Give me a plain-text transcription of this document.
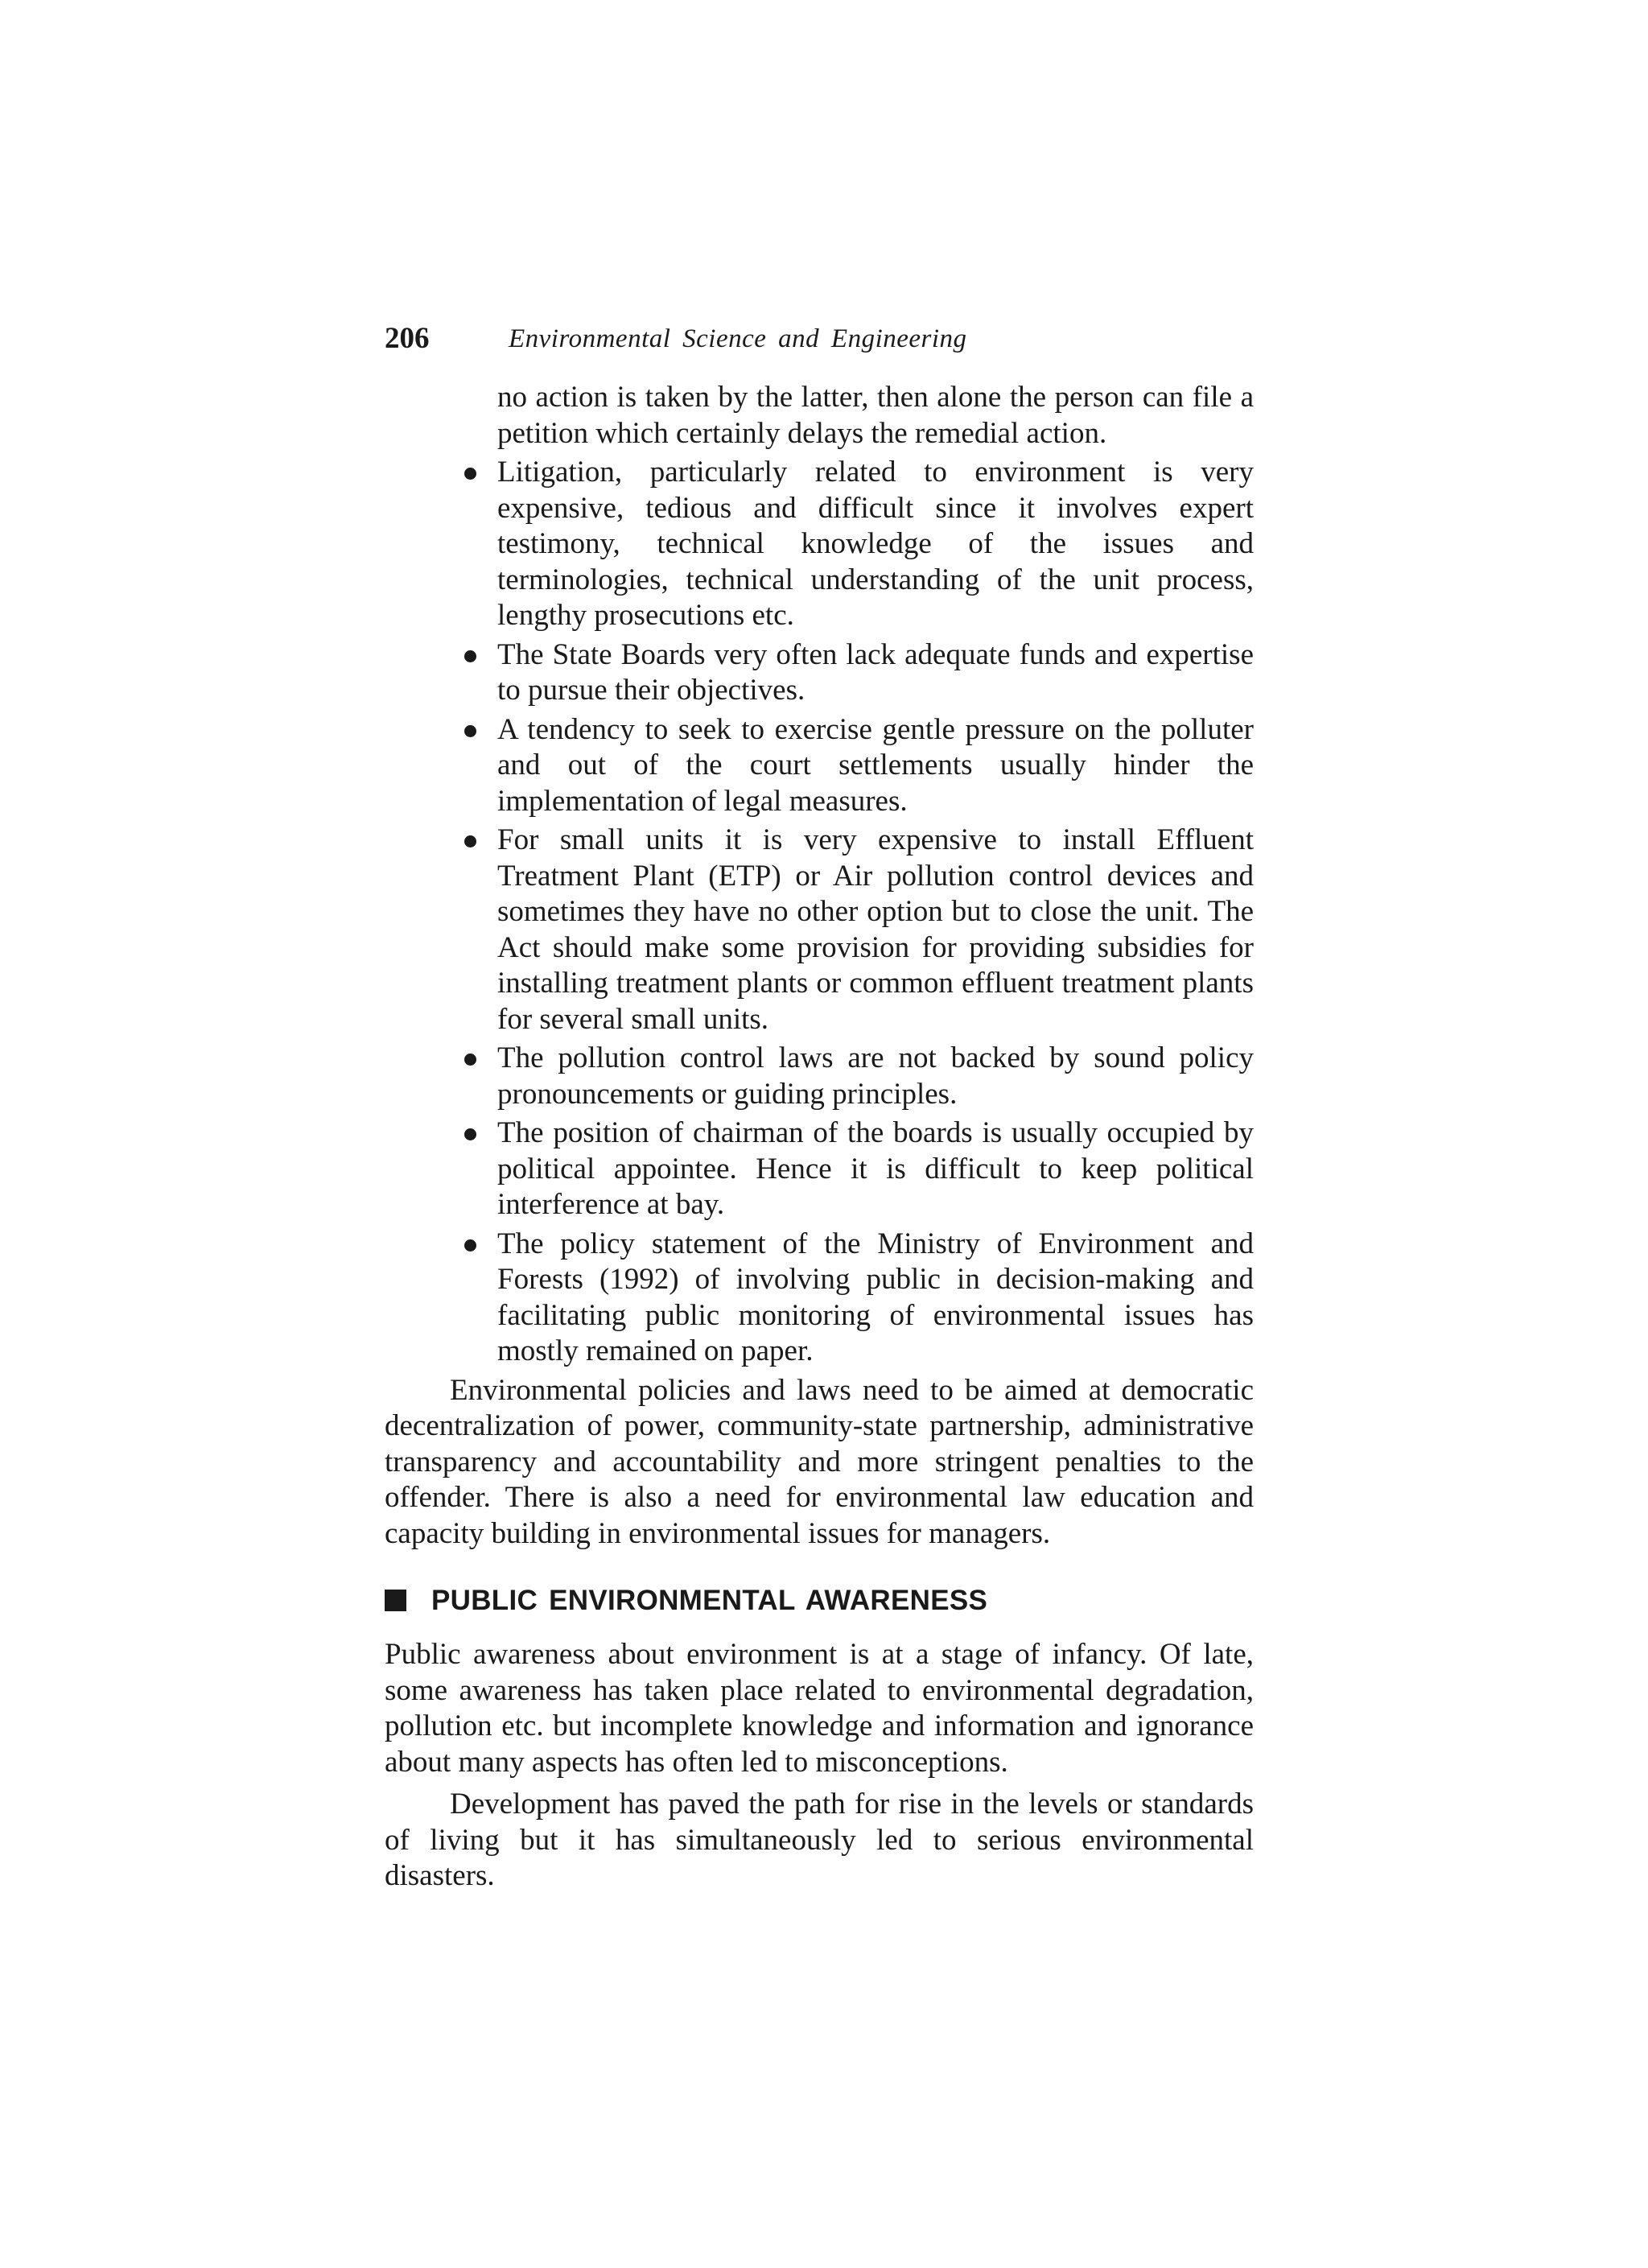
206	Environmental Science and Engineering

no action is taken by the latter, then alone the person can file a petition which certainly delays the remedial action.

Litigation, particularly related to environment is very expensive, tedious and difficult since it involves expert testimony, technical knowledge of the issues and terminologies, technical understanding of the unit process, lengthy prosecutions etc.
The State Boards very often lack adequate funds and expertise to pursue their objectives.
A tendency to seek to exercise gentle pressure on the polluter and out of the court settlements usually hinder the implementation of legal measures.
For small units it is very expensive to install Effluent Treatment Plant (ETP) or Air pollution control devices and sometimes they have no other option but to close the unit. The Act should make some provision for providing subsidies for installing treatment plants or common effluent treatment plants for several small units.
The pollution control laws are not backed by sound policy pronouncements or guiding principles.
The position of chairman of the boards is usually occupied by political appointee. Hence it is difficult to keep political interference at bay.
The policy statement of the Ministry of Environment and Forests (1992) of involving public in decision-making and facilitating public monitoring of environmental issues has mostly remained on paper.

Environmental policies and laws need to be aimed at democratic decentralization of power, community-state partnership, administrative transparency and accountability and more stringent penalties to the offender. There is also a need for environmental law education and capacity building in environmental issues for managers.

PUBLIC ENVIRONMENTAL AWARENESS

Public awareness about environment is at a stage of infancy. Of late, some awareness has taken place related to environmental degradation, pollution etc. but incomplete knowledge and information and ignorance about many aspects has often led to misconceptions.

Development has paved the path for rise in the levels or standards of living but it has simultaneously led to serious environmental disasters.
